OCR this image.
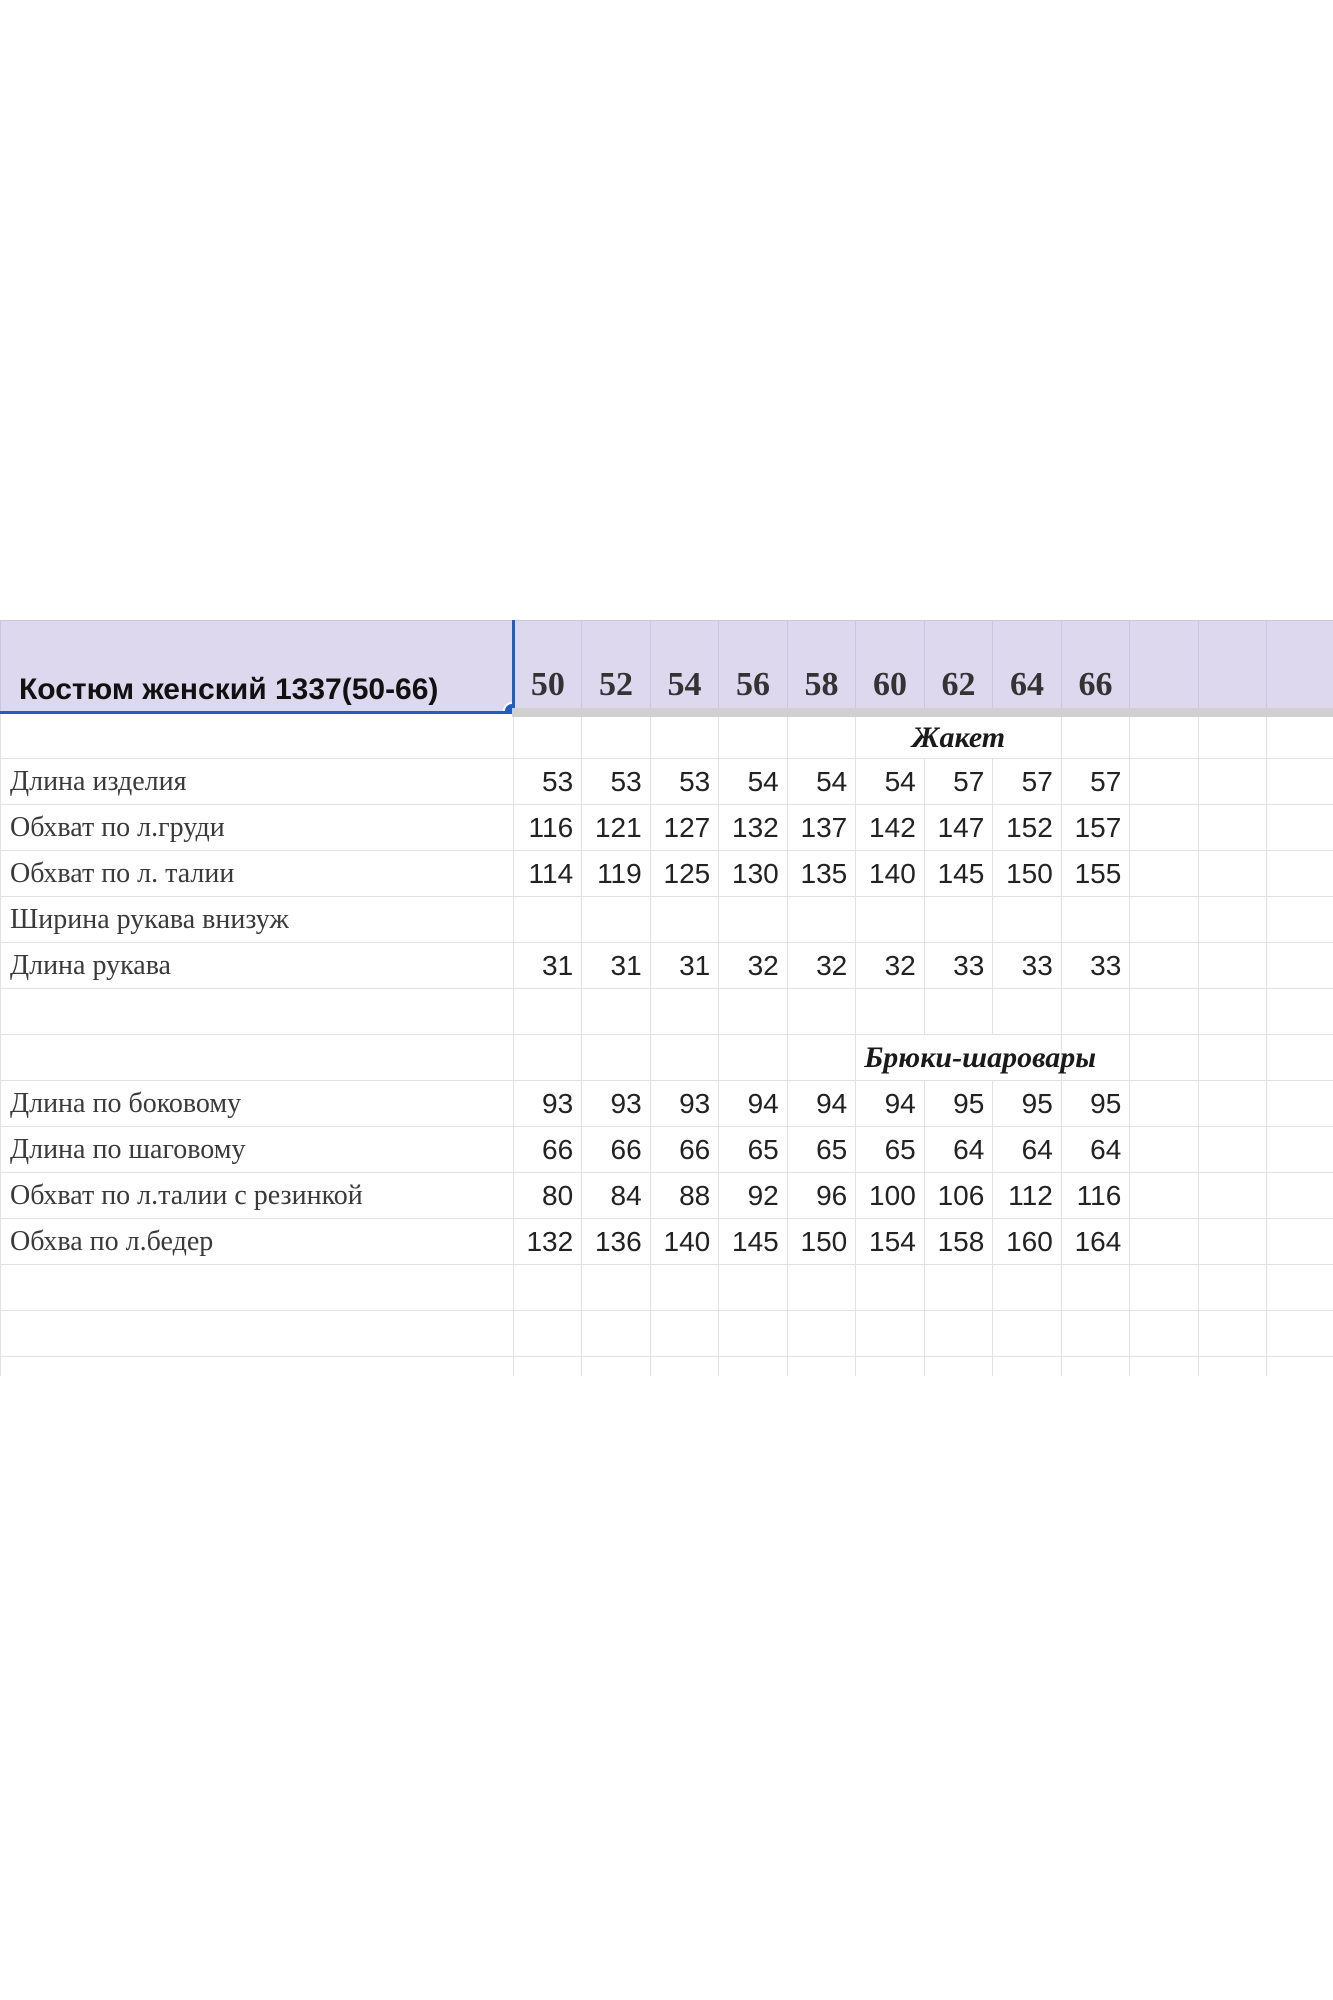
Костюм женский 1337(50-66)	50	52	54	56	58	60	62	64	66			
						Жакет						
Длина изделия	53	53	53	54	54	54	57	57	57			
Обхват по л.груди	116	121	127	132	137	142	147	152	157			
Обхват по л. талии	114	119	125	130	135	140	145	150	155			
Ширина рукава внизуж												
Длина рукава	31	31	31	32	32	32	33	33	33			

						Брюки-шаровары						
Длина по боковому	93	93	93	94	94	94	95	95	95			
Длина по шаговому	66	66	66	65	65	65	64	64	64			
Обхват по л.талии с резинкой	80	84	88	92	96	100	106	112	116			
Обхва по л.бедер	132	136	140	145	150	154	158	160	164			
